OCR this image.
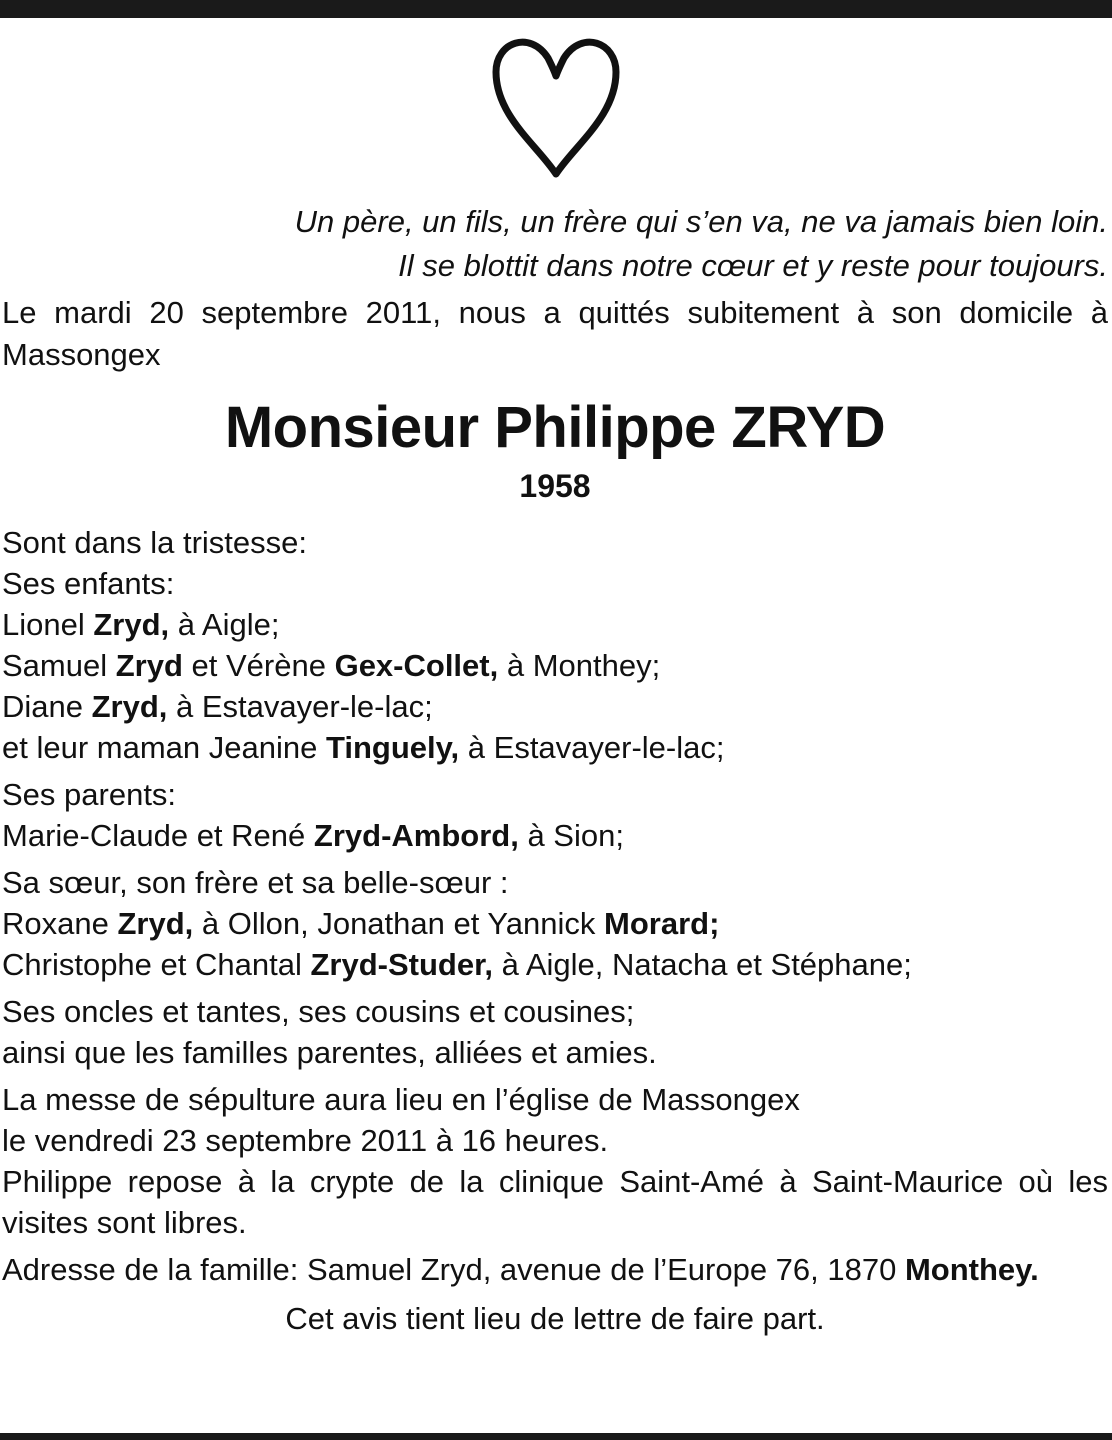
Un père, un fils, un frère qui s’en va, ne va jamais bien loin.
Il se blottit dans notre cœur et y reste pour toujours.

Le mardi 20 septembre 2011, nous a quittés subitement à son domicile à Massongex

Monsieur Philippe ZRYD
1958
Sont dans la tristesse:
Ses enfants:
Lionel Zryd, à Aigle;
Samuel Zryd et Vérène Gex-Collet, à Monthey;
Diane Zryd, à Estavayer-le-lac;
et leur maman Jeanine Tinguely, à Estavayer-le-lac;
Ses parents:
Marie-Claude et René Zryd-Ambord, à Sion;
Sa sœur, son frère et sa belle-sœur :
Roxane Zryd, à Ollon, Jonathan et Yannick Morard;
Christophe et Chantal Zryd-Studer, à Aigle, Natacha et Stéphane;
Ses oncles et tantes, ses cousins et cousines;
ainsi que les familles parentes, alliées et amies.
La messe de sépulture aura lieu en l’église de Massongex
le vendredi 23 septembre 2011 à 16 heures.
Philippe repose à la crypte de la clinique Saint-Amé à Saint-Maurice où les visites sont libres.
Adresse de la famille: Samuel Zryd, avenue de l’Europe 76, 1870 Monthey.
Cet avis tient lieu de lettre de faire part.
